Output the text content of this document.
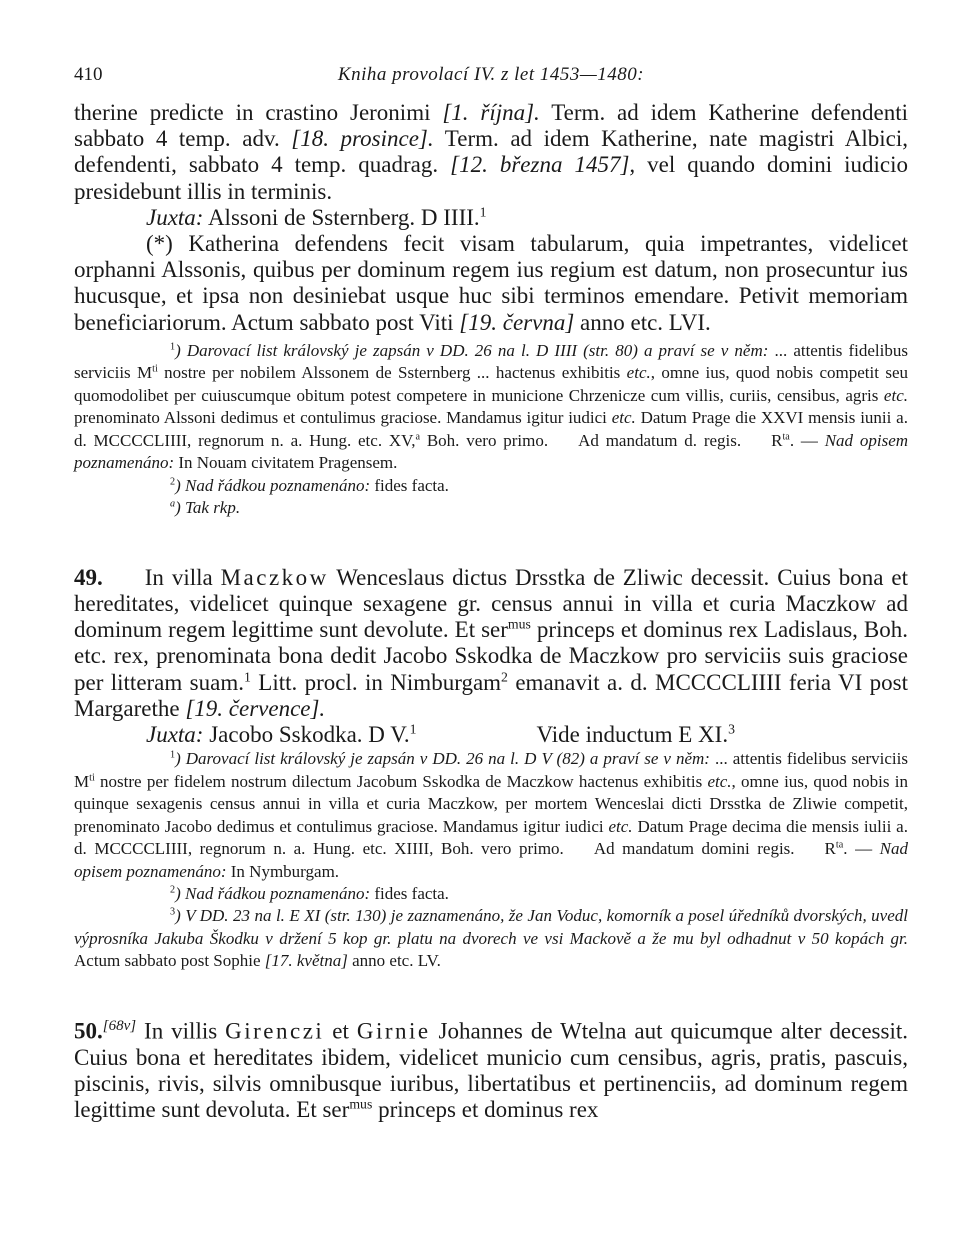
410	Kniha provolací IV. z let 1453—1480:

therine predicte in crastino Jeronimi [1. října]. Term. ad idem Katherine defendenti sabbato 4 temp. adv. [18. prosince]. Term. ad idem Katherine, nate magistri Albici, defendenti, sabbato 4 temp. quadrag. [12. března 1457], vel quando domini iudicio presidebunt illis in terminis.

Juxta: Alssoni de Ssternberg. D IIII.$^1$

(*) Katherina defendens fecit visam tabularum, quia impetrantes, videlicet orphanni Alssonis, quibus per dominum regem ius regium est datum, non prosecuntur ius hucusque, et ipsa non desiniebat usque huc sibi terminos emendare. Petivit memoriam beneficiariorum. Actum sabbato post Viti [19. června] anno etc. LVI.

$^1$) Darovací list královský je zapsán v DD. 26 na l. D IIII (str. 80) a praví se v něm: ... attentis fidelibus serviciis $M^{ti}$ nostre per nobilem Alssonem de Ssternberg ... hactenus exhibitis etc., omne ius, quod nobis competit seu quomodolibet per cuiuscumque obitum potest competere in municione Chrzenicze cum villis, curiis, censibus, agris etc. prenominato Alssoni dedimus et contulimus graciose. Mandamus igitur iudici etc. Datum Prage die XXVI mensis iunii a. d. MCCCCLIIII, regnorum n. a. Hung. etc. XV,$^a$ Boh. vero primo. Ad mandatum d. regis. $R^{ta}$. — Nad opisem poznamenáno: In Nouam civitatem Pragensem.

$^2$) Nad řádkou poznamenáno: fides facta.

$^a$) Tak rkp.

49. In villa Maczkow Wenceslaus dictus Drsstka de Zliwic decessit. Cuius bona et hereditates, videlicet quinque sexagene gr. census annui in villa et curia Maczkow ad dominum regem legittime sunt devolute. Et ser$^{mus}$ princeps et dominus rex Ladislaus, Boh. etc. rex, prenominata bona dedit Jacobo Sskodka de Maczkow pro serviciis suis graciose per litteram suam.$^1$ Litt. procl. in Nimburgam$^2$ emanavit a. d. MCCCCLIIII feria VI post Margarethe [19. července].

Juxta: Jacobo Sskodka. D V.$^1$	Vide inductum E XI.$^3$

$^1$) Darovací list královský je zapsán v DD. 26 na l. D V (82) a praví se v něm: ... attentis fidelibus serviciis $M^{ti}$ nostre per fidelem nostrum dilectum Jacobum Sskodka de Maczkow hactenus exhibitis etc., omne ius, quod nobis in quinque sexagenis census annui in villa et curia Maczkow, per mortem Wenceslai dicti Drsstka de Zliwie competit, prenominato Jacobo dedimus et contulimus graciose. Mandamus igitur iudici etc. Datum Prage decima die mensis iulii a. d. MCCCCLIIII, regnorum n. a. Hung. etc. XIIII, Boh. vero primo. Ad mandatum domini regis. $R^{ta}$. — Nad opisem poznamenáno: In Nymburgam.

$^2$) Nad řádkou poznamenáno: fides facta.

$^3$) V DD. 23 na l. E XI (str. 130) je zaznamenáno, že Jan Voduc, komorník a posel úředníků dvorských, uvedl výprosníka Jakuba Škodku v držení 5 kop gr. platu na dvorech ve vsi Mackově a že mu byl odhadnut v 50 kopách gr. Actum sabbato post Sophie [17. května] anno etc. LV.

50.[68v] In villis Girenczi et Girnie Johannes de Wtelna aut quicumque alter decessit. Cuius bona et hereditates ibidem, videlicet municio cum censibus, agris, pratis, pascuis, piscinis, rivis, silvis omnibusque iuribus, libertatibus et pertinenciis, ad dominum regem legittime sunt devoluta. Et ser$^{mus}$ princeps et dominus rex
